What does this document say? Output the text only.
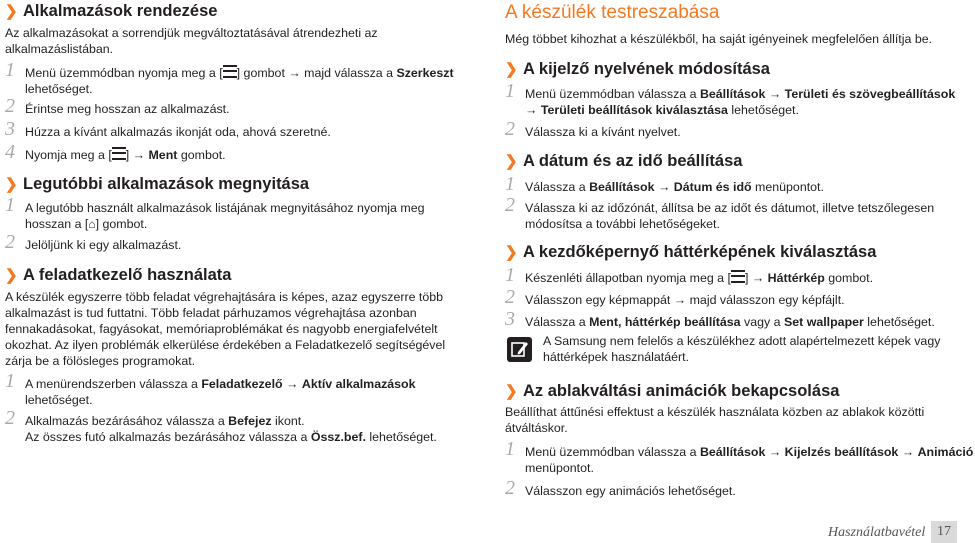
❯ Alkalmazások rendezése
Az alkalmazásokat a sorrendjük megváltoztatásával átrendezheti az alkalmazáslistában.
1 Menü üzemmódban nyomja meg a [ ] gombot → majd válassza a Szerkeszt lehetőséget.
2 Érintse meg hosszan az alkalmazást.
3 Húzza a kívánt alkalmazás ikonját oda, ahová szeretné.
4 Nyomja meg a [ ] → Ment gombot.
❯ Legutóbbi alkalmazások megnyitása
1 A legutóbb használt alkalmazások listájának megnyitásához nyomja meg hosszan a [⌂] gombot.
2 Jelöljünk ki egy alkalmazást.
❯ A feladatkezelő használata
A készülék egyszerre több feladat végrehajtására is képes, azaz egyszerre több alkalmazást is tud futtatni. Több feladat párhuzamos végrehajtása azonban fennakadásokat, fagyásokat, memóriaproblémákat és nagyobb energiafelvételt okozhat. Az ilyen problémák elkerülése érdekében a Feladatkezelő segítségével zárja be a fölösleges programokat.
1 A menürendszerben válassza a Feladatkezelő → Aktív alkalmazások lehetőséget.
2 Alkalmazás bezárásához válassza a Befejez ikont.
Az összes futó alkalmazás bezárásához válassza a Össz.bef. lehetőséget.
A készülék testreszabása
Még többet kihozhat a készülékből, ha saját igényeinek megfelelően állítja be.
❯ A kijelző nyelvének módosítása
1 Menü üzemmódban válassza a Beállítások → Területi és szövegbeállítások
→ Területi beállítások kiválasztása lehetőséget.
2 Válassza ki a kívánt nyelvet.
❯ A dátum és az idő beállítása
1 Válassza a Beállítások → Dátum és idő menüpontot.
2 Válassza ki az időzónát, állítsa be az időt és dátumot, illetve tetszőlegesen módosítsa a további lehetőségeket.
❯ A kezdőképernyő háttérképének kiválasztása
1 Készenléti állapotban nyomja meg a [ ] → Háttérkép gombot.
2 Válasszon egy képmappát → majd válasszon egy képfájlt.
3 Válassza a Ment, háttérkép beállítása vagy a Set wallpaper lehetőséget.
A Samsung nem felelős a készülékhez adott alapértelmezett képek vagy háttérképek használatáért.
❯ Az ablakváltási animációk bekapcsolása
Beállíthat áttűnési effektust a készülék használata közben az ablakok közötti átváltáskor.
1 Menü üzemmódban válassza a Beállítások → Kijelzés beállítások → Animáció menüpontot.
2 Válasszon egy animációs lehetőséget.
Használatbavétel 17
